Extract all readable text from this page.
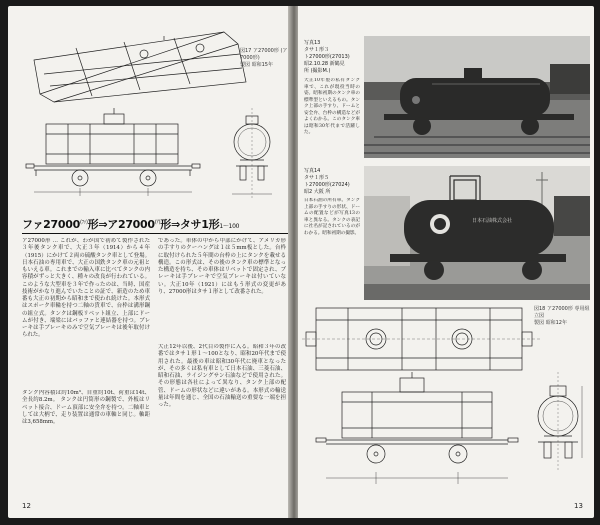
図17 ア27000形 (ア7000形)
製図 昭和15年
ファ$27000^{(ﾌｧ)}$形⇒ア$27000^{(ｱ)}$形⇒タサ1形1～100
ア27000形 … これが、わが国で初めて製作された３年後タンク車で、大正３年（1914）から４年（1915）にかけて２両の硫酸タンク車として登場。日本石油の専用車で、大正の国鉄タンク車の元祖ともいえる車。これまでの輸入車に比べてタンクの内容積がずっと大きく、種々の改良が行われている。このような大型車を３年で作ったのは、当時、国産技術がかなり進んでいたことの証で、新造のため車番も大正の初期から昭和まで使われ続けた。本形式はスポーク車輪を持つ二軸の貨車で、台枠は溝形鋼の組立式。タンクは鋼板リベット組立、上部にドームが付き、端梁にはバッファと連結器を持つ。ブレーキは手ブレーキのみで空気ブレーキは後年取付けられた。
タンク内容積は約10m³、自重約10t、荷重は14t、全長約8.2m。 タンクは円筒形の鋼製で、外板はリベット接合、ドーム頂部に安全弁を持つ。二軸車としては大柄で、走り装置は通常の車軸と同じ。軸距は3,658mm。
であった。車体の中から中部にかけて、アメリカ形の手すりのクーハングは１は５mm板とした。台枠に取付けられた５年間の台枠の上にタンクを載せる構造。この形式は、その後のタンク車の標準となった構造を持ち、その車体はリベットで固定され、ブレーキは手ブレーキで空気ブレーキは付いていない。大正10年（1921）にはもう形式の変更があり、27000形はタサ１形として改番された。
大正12年以後、2代目の製作に入る。昭和３年の改番ではタサ１形１～100となり、昭和20年代まで使用された。最後の車は昭和30年代に廃車となったが、その多くは私有車として日本石油、三菱石油、昭和石油、ライジングサン石油などで使用された。その形態は各社によって異なり、タンク上部の配管、ドームの形状などに違いがある。本形式の輸送量は年間を通じ、全国の石油輸送の重要な一端を担った。
12
写真13
タサ１形３
ト27000形(27013)
昭2.10.28 新鶴見
所 (撮影M.)
大正10年製の私有タンク車で、これが現役当時の姿。昭和初期のタンク車の標準型といえるもの。タンク上部の手すり、ドームと安全弁、台枠の構造などがよくわかる。このタンク車は昭和30年代まで活躍した。
日本石油株式会社
写真14
タサ１形５
ト27000形(27024)
昭2 大阪 所
日本石油の所有車。タンク上部の手すりの形状、ドームの配置などが写真13の車と異なる。タンクの表記に社名が記されているのがわかる。昭和初期の撮影。
図18 ア27000形 専用組立図
製図 昭和12年
13
